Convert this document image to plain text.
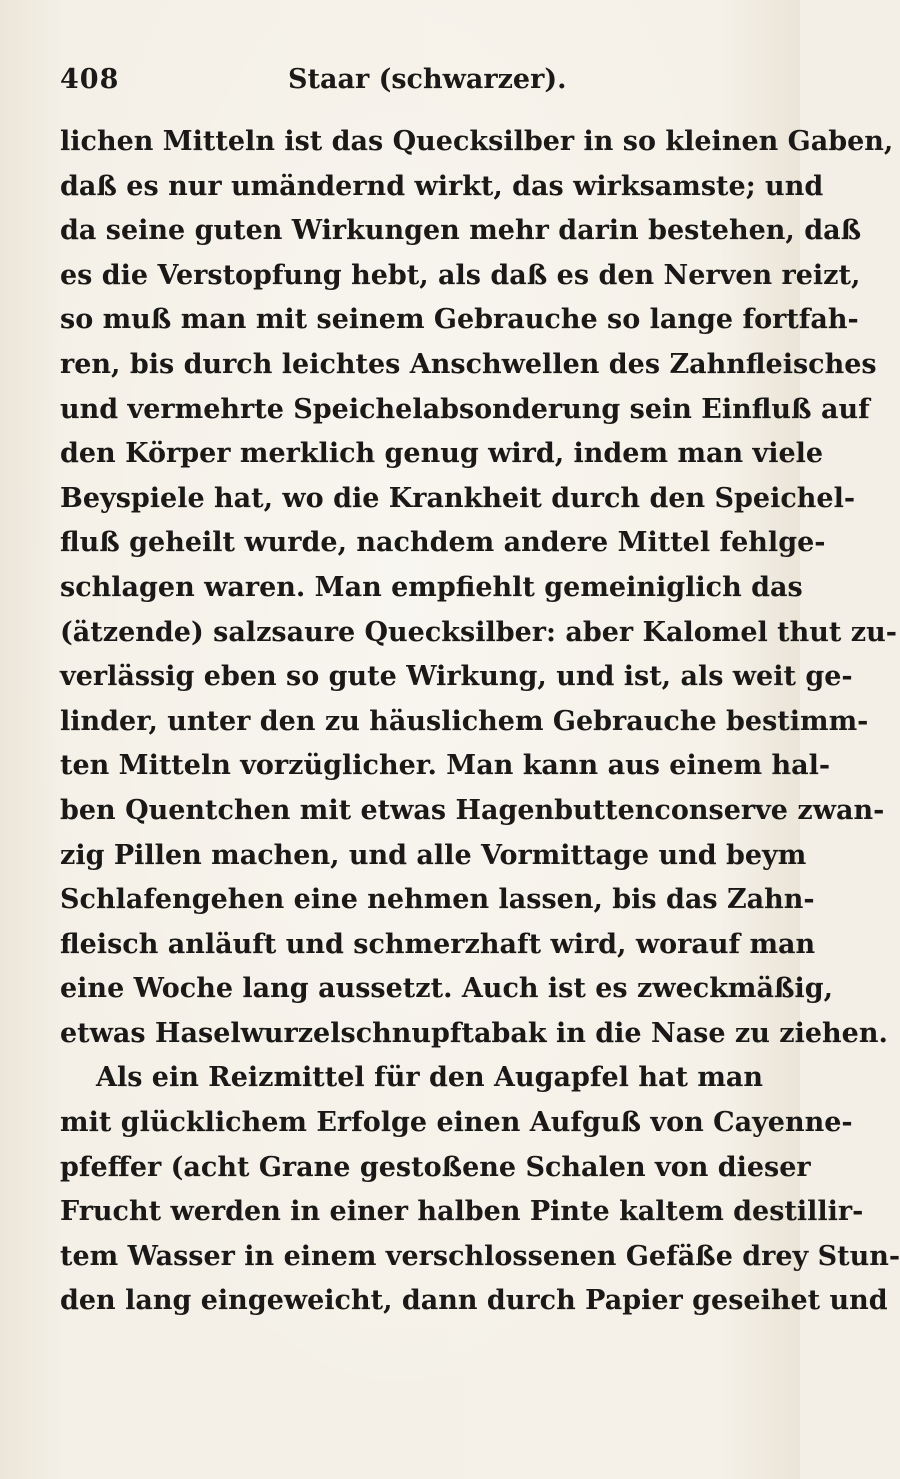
408	Staar (schwarzer).
lichen Mitteln ist das Quecksilber in so kleinen Gaben,
daß es nur umändernd wirkt, das wirksamste; und
da seine guten Wirkungen mehr darin bestehen, daß
es die Verstopfung hebt, als daß es den Nerven reizt,
so muß man mit seinem Gebrauche so lange fortfah-
ren, bis durch leichtes Anschwellen des Zahnfleisches
und vermehrte Speichelabsonderung sein Einfluß auf
den Körper merklich genug wird, indem man viele
Beyspiele hat, wo die Krankheit durch den Speichel-
fluß geheilt wurde, nachdem andere Mittel fehlge-
schlagen waren. Man empfiehlt gemeiniglich das
(ätzende) salzsaure Quecksilber: aber Kalomel thut zu-
verlässig eben so gute Wirkung, und ist, als weit ge-
linder, unter den zu häuslichem Gebrauche bestimm-
ten Mitteln vorzüglicher. Man kann aus einem hal-
ben Quentchen mit etwas Hagenbuttenconserve zwan-
zig Pillen machen, und alle Vormittage und beym
Schlafengehen eine nehmen lassen, bis das Zahn-
fleisch anläuft und schmerzhaft wird, worauf man
eine Woche lang aussetzt. Auch ist es zweckmäßig,
etwas Haselwurzelschnupftabak in die Nase zu ziehen.
Als ein Reizmittel für den Augapfel hat man
mit glücklichem Erfolge einen Aufguß von Cayenne-
pfeffer (acht Grane gestoßene Schalen von dieser
Frucht werden in einer halben Pinte kaltem destillir-
tem Wasser in einem verschlossenen Gefäße drey Stun-
den lang eingeweicht, dann durch Papier geseihet und
